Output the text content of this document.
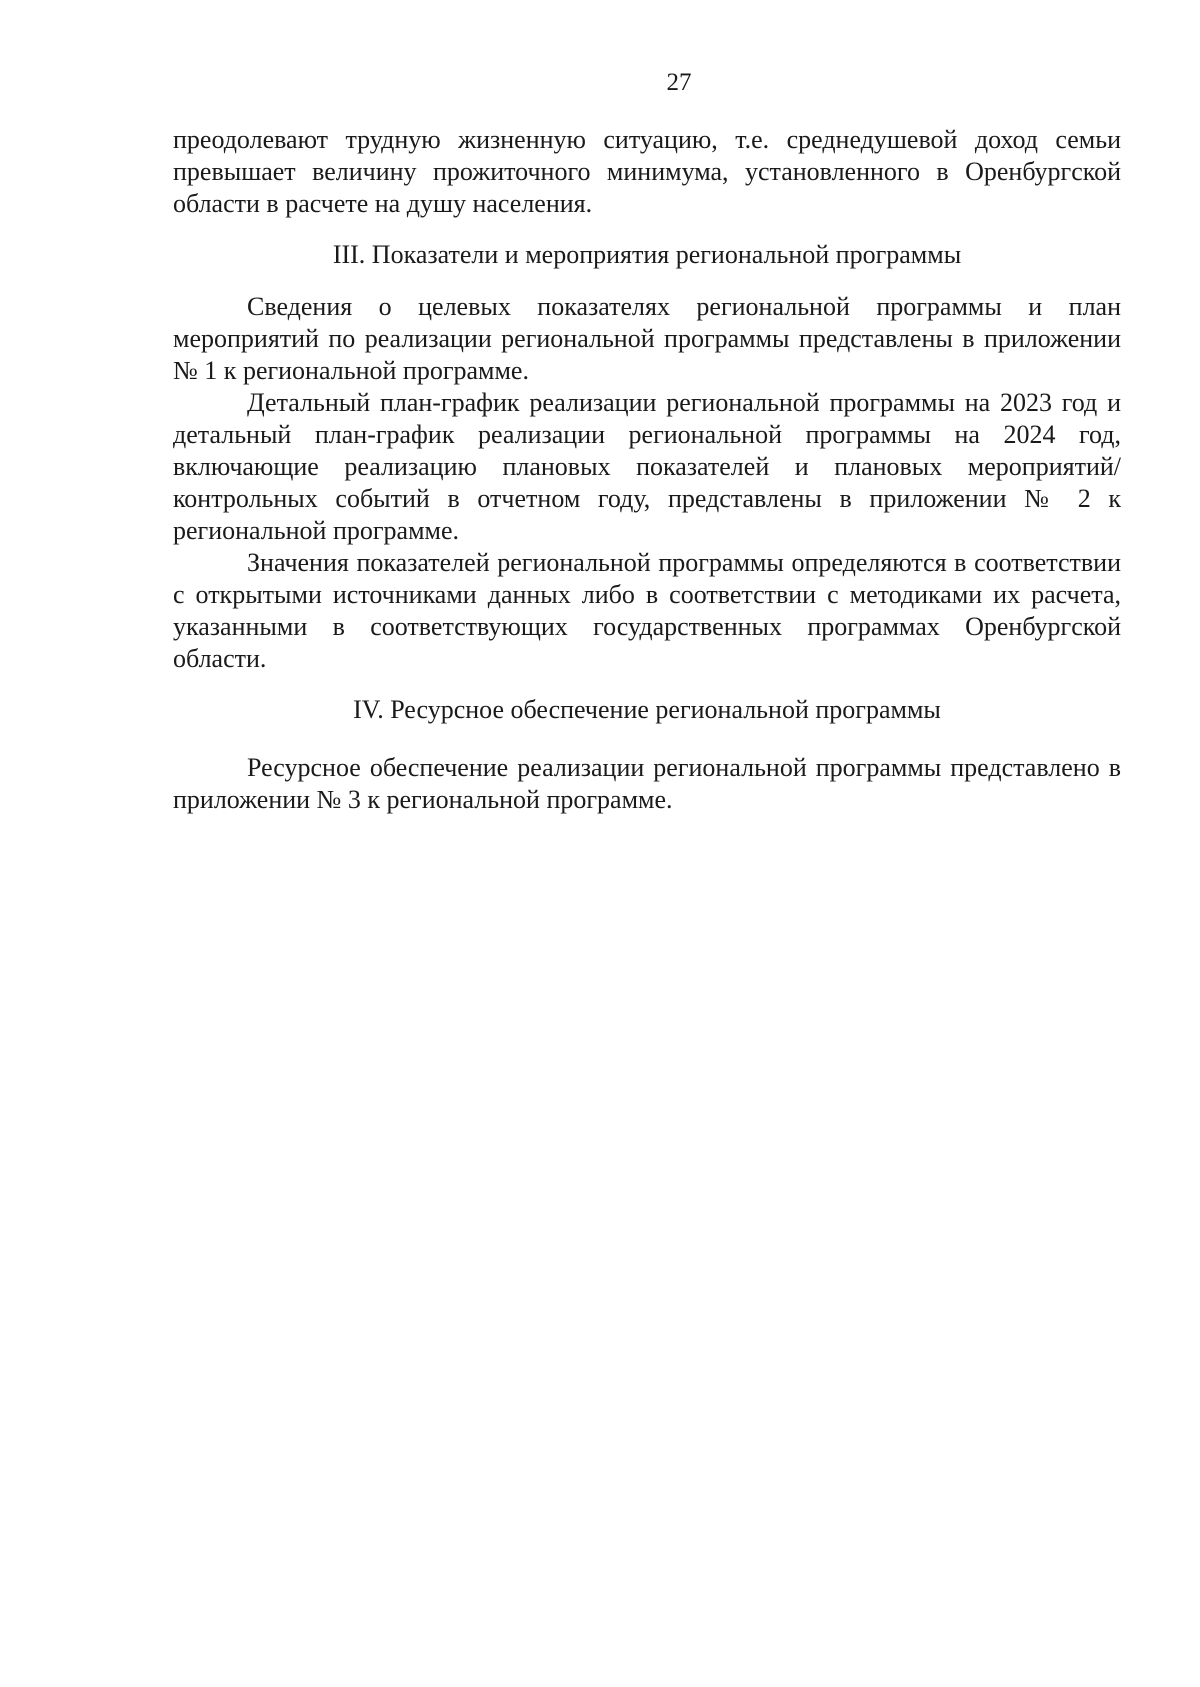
27

преодолевают трудную жизненную ситуацию, т.е. среднедушевой доход семьи превышает величину прожиточного минимума, установленного в Оренбургской области в расчете на душу населения.

III. Показатели и мероприятия региональной программы

Сведения о целевых показателях региональной программы и план мероприятий по реализации региональной программы представлены в приложении № 1 к региональной программе.

Детальный план-график реализации региональной программы на 2023 год и детальный план-график реализации региональной программы на 2024 год, включающие реализацию плановых показателей и плановых мероприятий/контрольных событий в отчетном году, представлены в приложении № 2 к региональной программе.

Значения показателей региональной программы определяются в соответствии с открытыми источниками данных либо в соответствии с методиками их расчета, указанными в соответствующих государственных программах Оренбургской области.

IV. Ресурсное обеспечение региональной программы

Ресурсное обеспечение реализации региональной программы представлено в приложении № 3 к региональной программе.
